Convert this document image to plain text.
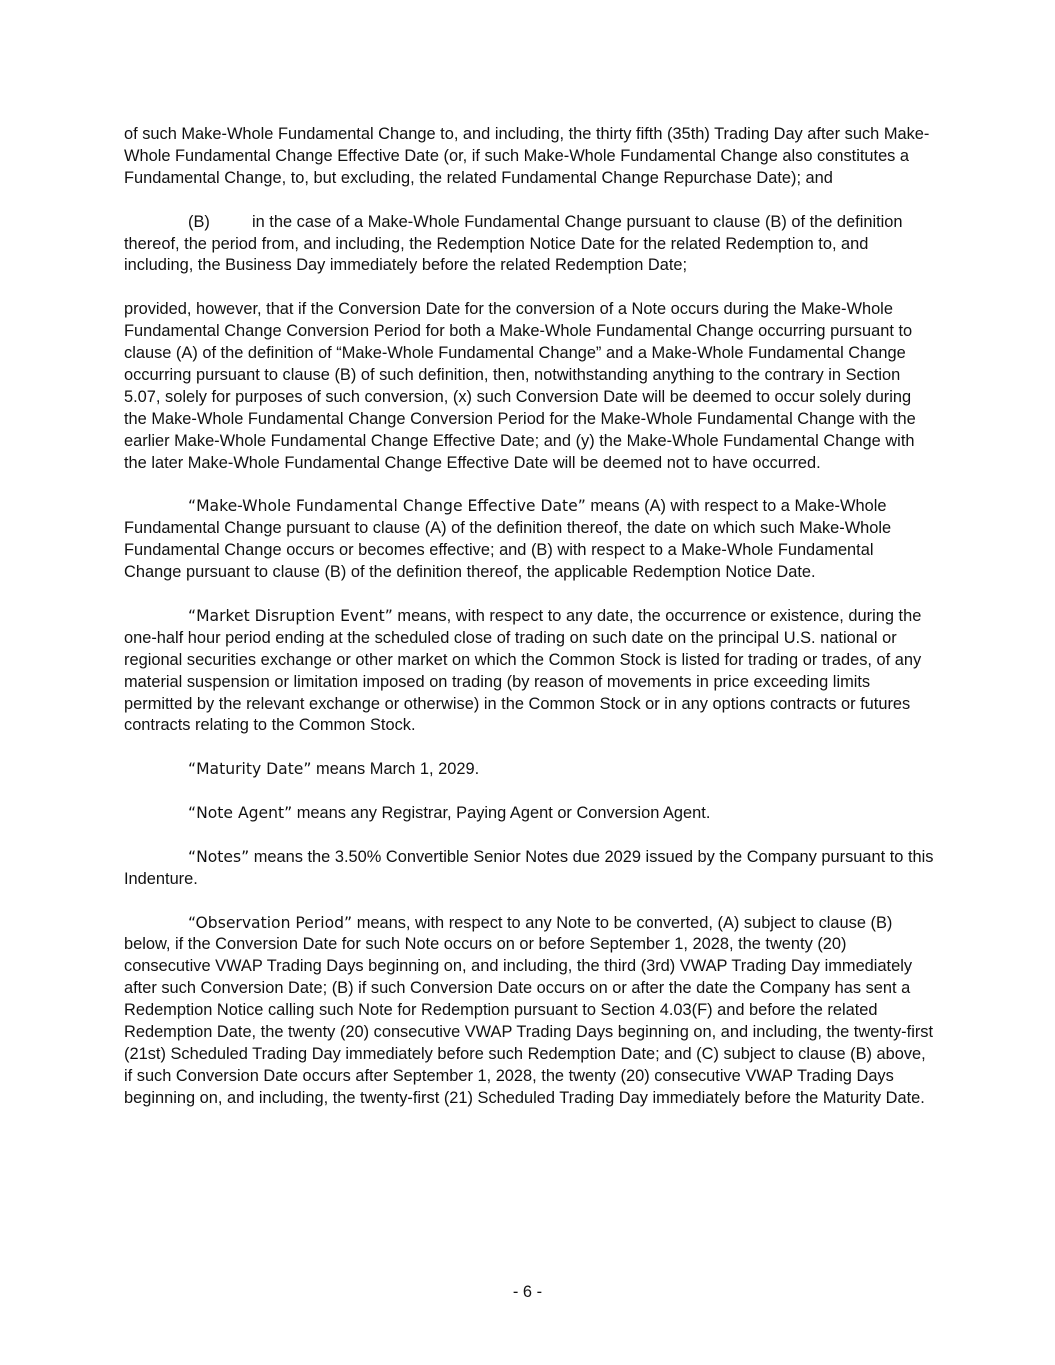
of such Make-Whole Fundamental Change to, and including, the thirty fifth (35th) Trading Day after such Make-Whole Fundamental Change Effective Date (or, if such Make-Whole Fundamental Change also constitutes a Fundamental Change, to, but excluding, the related Fundamental Change Repurchase Date); and

(B)	in the case of a Make-Whole Fundamental Change pursuant to clause (B) of the definition thereof, the period from, and including, the Redemption Notice Date for the related Redemption to, and including, the Business Day immediately before the related Redemption Date;

provided, however, that if the Conversion Date for the conversion of a Note occurs during the Make-Whole Fundamental Change Conversion Period for both a Make-Whole Fundamental Change occurring pursuant to clause (A) of the definition of “Make-Whole Fundamental Change” and a Make-Whole Fundamental Change occurring pursuant to clause (B) of such definition, then, notwithstanding anything to the contrary in Section 5.07, solely for purposes of such conversion, (x) such Conversion Date will be deemed to occur solely during the Make-Whole Fundamental Change Conversion Period for the Make-Whole Fundamental Change with the earlier Make-Whole Fundamental Change Effective Date; and (y) the Make-Whole Fundamental Change with the later Make-Whole Fundamental Change Effective Date will be deemed not to have occurred.

“Make-Whole Fundamental Change Effective Date” means (A) with respect to a Make-Whole Fundamental Change pursuant to clause (A) of the definition thereof, the date on which such Make-Whole Fundamental Change occurs or becomes effective; and (B) with respect to a Make-Whole Fundamental Change pursuant to clause (B) of the definition thereof, the applicable Redemption Notice Date.

“Market Disruption Event” means, with respect to any date, the occurrence or existence, during the one-half hour period ending at the scheduled close of trading on such date on the principal U.S. national or regional securities exchange or other market on which the Common Stock is listed for trading or trades, of any material suspension or limitation imposed on trading (by reason of movements in price exceeding limits permitted by the relevant exchange or otherwise) in the Common Stock or in any options contracts or futures contracts relating to the Common Stock.

“Maturity Date” means March 1, 2029.

“Note Agent” means any Registrar, Paying Agent or Conversion Agent.

“Notes” means the 3.50% Convertible Senior Notes due 2029 issued by the Company pursuant to this Indenture.

“Observation Period” means, with respect to any Note to be converted, (A) subject to clause (B) below, if the Conversion Date for such Note occurs on or before September 1, 2028, the twenty (20) consecutive VWAP Trading Days beginning on, and including, the third (3rd) VWAP Trading Day immediately after such Conversion Date; (B) if such Conversion Date occurs on or after the date the Company has sent a Redemption Notice calling such Note for Redemption pursuant to Section 4.03(F) and before the related Redemption Date, the twenty (20) consecutive VWAP Trading Days beginning on, and including, the twenty-first (21st) Scheduled Trading Day immediately before such Redemption Date; and (C) subject to clause (B) above, if such Conversion Date occurs after September 1, 2028, the twenty (20) consecutive VWAP Trading Days beginning on, and including, the twenty-first (21) Scheduled Trading Day immediately before the Maturity Date.

- 6 -
